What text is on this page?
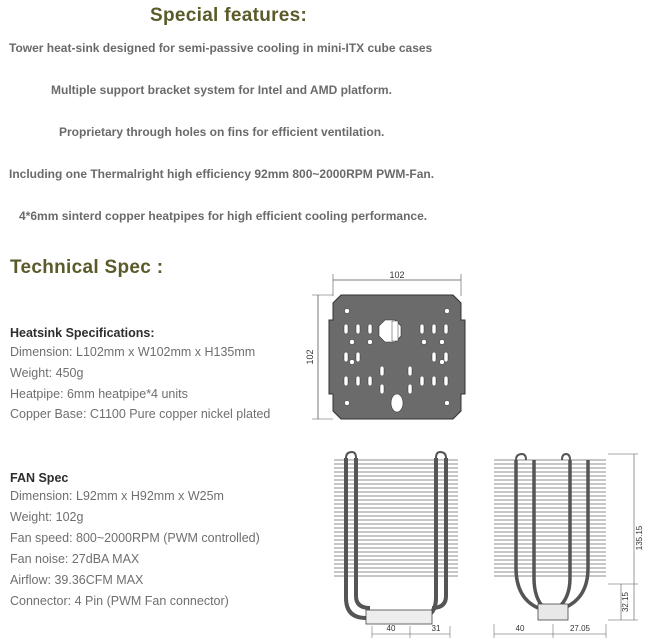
Special features:
Tower heat-sink designed for semi-passive cooling in mini-ITX cube cases
Multiple support bracket system for Intel and AMD platform.
Proprietary through holes on fins for efficient ventilation.
Including one Thermalright high efficiency 92mm 800~2000RPM PWM-Fan.
4*6mm sinterd copper heatpipes for high efficient cooling performance.
Technical Spec :
Heatsink Specifications:
Dimension: L102mm x W102mm x H135mm
Weight: 450g
Heatpipe: 6mm heatpipe*4 units
Copper Base: C1100 Pure copper nickel plated
FAN Spec
Dimension: L92mm x H92mm x W25m
Weight: 102g
Fan speed: 800~2000RPM (PWM controlled)
Fan noise: 27dBA MAX
Airflow: 39.36CFM MAX
Connector: 4 Pin (PWM Fan connector)
102
102
40	31
135.15
32.15
40	27.05
